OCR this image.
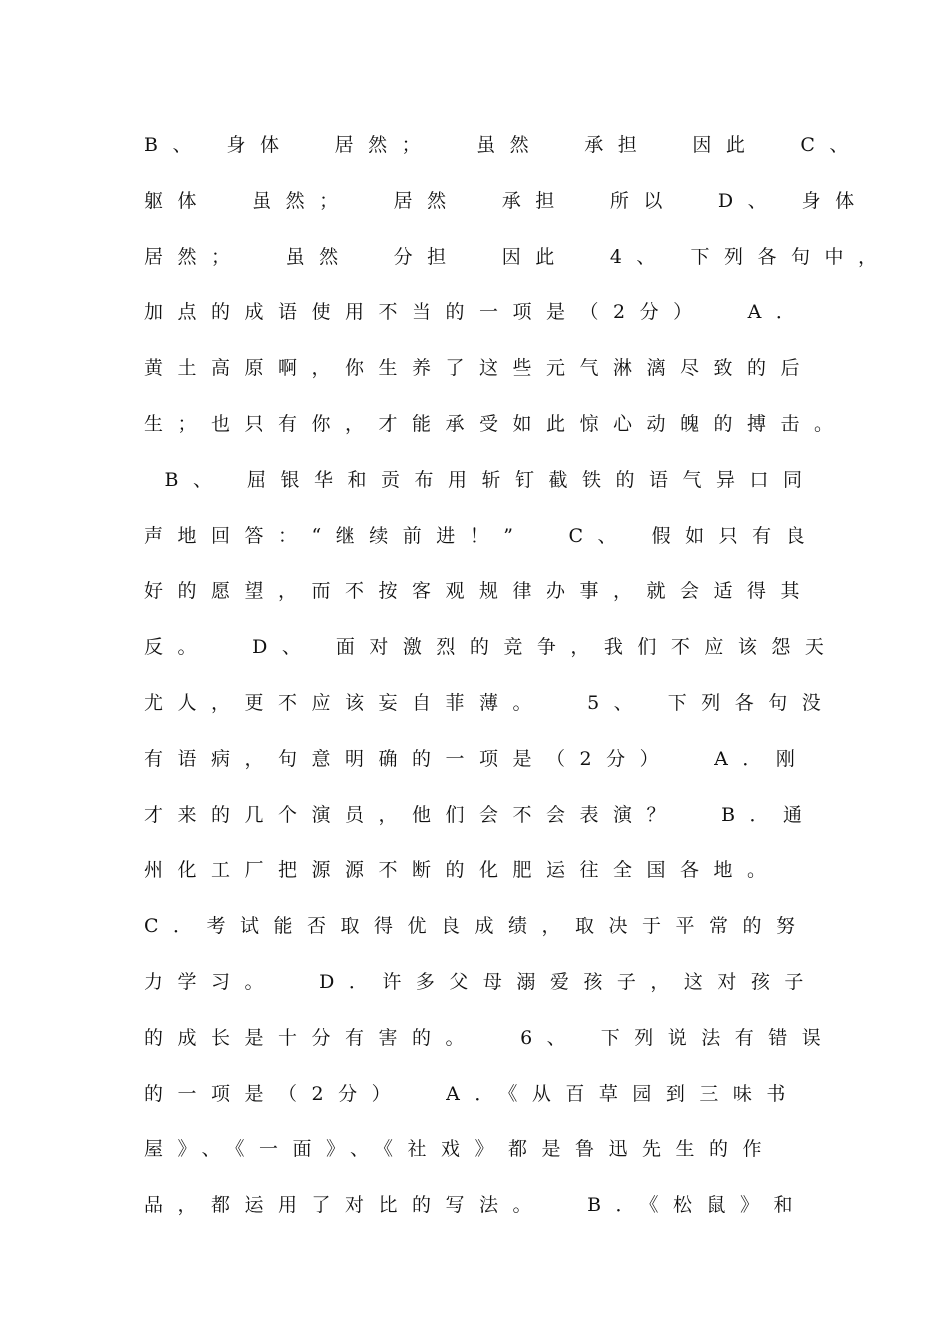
B、 身体  居然；  虽然  承担  因此  C、
躯体  虽然；  居然  承担  所以  D、 身体
居然；  虽然  分担  因此  4、 下列各句中，
加点的成语使用不当的一项是（2分）  A．
黄土高原啊，你生养了这些元气淋漓尽致的后
生；也只有你，才能承受如此惊心动魄的搏击。
B、 屈银华和贡布用斩钉截铁的语气异口同
声地回答：“继续前进！”  C、 假如只有良
好的愿望，而不按客观规律办事，就会适得其
反。  D、 面对激烈的竞争，我们不应该怨天
尤人，更不应该妄自菲薄。  5、 下列各句没
有语病，句意明确的一项是（2分）  A．刚
才来的几个演员，他们会不会表演？  B．通
州化工厂把源源不断的化肥运往全国各地。
C．考试能否取得优良成绩，取决于平常的努
力学习。  D．许多父母溺爱孩子，这对孩子
的成长是十分有害的。  6、 下列说法有错误
的一项是（2分）  A．《从百草园到三味书
屋》、《一面》、《社戏》都是鲁迅先生的作
品，都运用了对比的写法。  B．《松鼠》和
